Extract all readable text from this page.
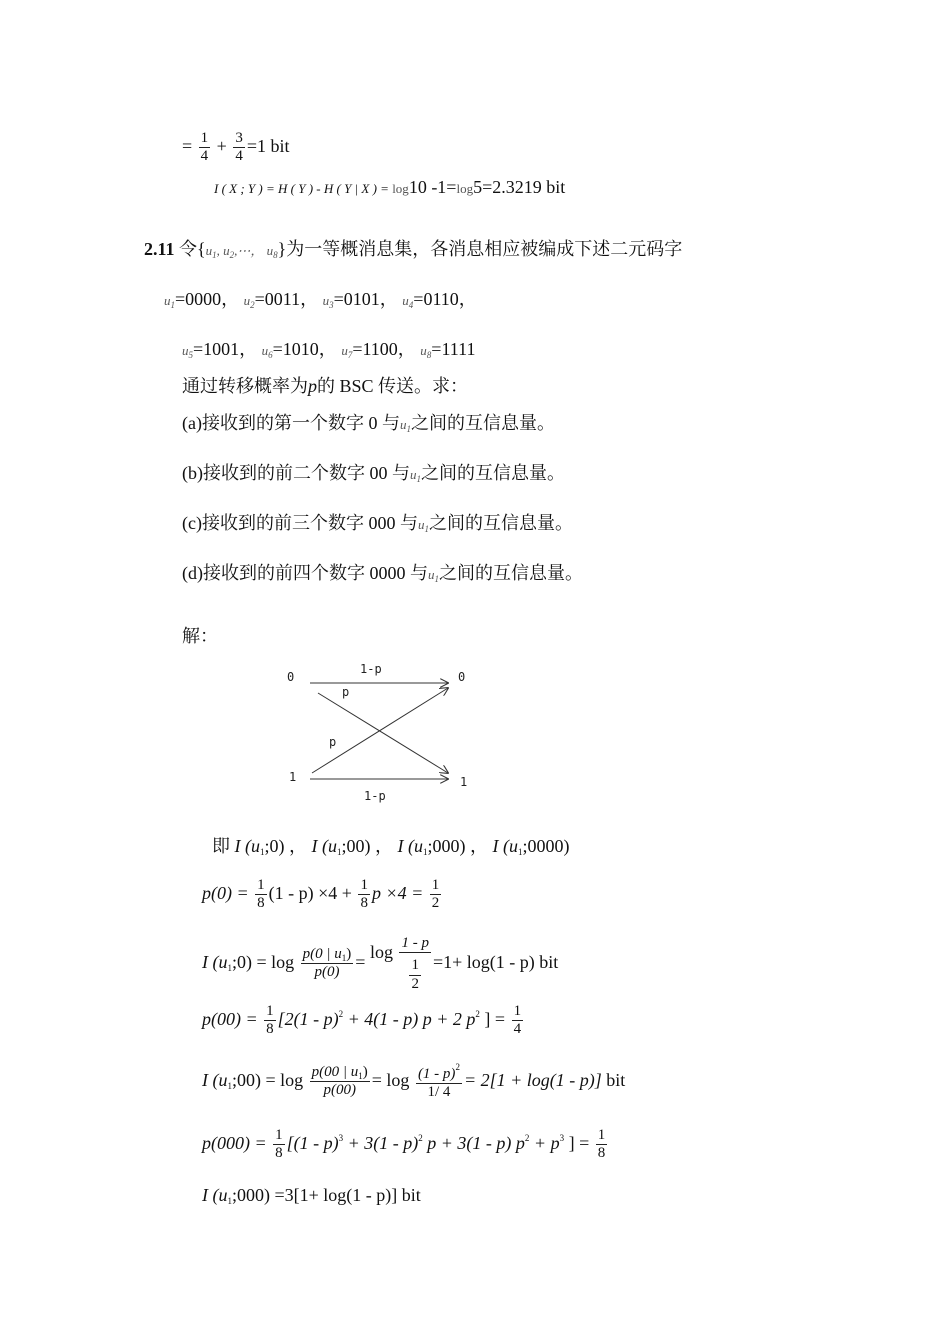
= $\frac{1}{4} + \frac{3}{4} =1$ bit
I ( X ; Y ) = H ( Y ) - H ( Y | X ) = log10 -1=log5=2.3219 bit
2.11 令{$u_1$, $u_2,\cdots$， $u_8$}为一等概消息集，各消息相应被编成下述二元码字
$u_1=0000$， $u_2=0011$， $u_3=0101$， $u_4=0110$，
$u_5=1001$， $u_6=1010$， $u_7=1100$， $u_8=1111$
通过转移概率为p的 BSC 传送。求：
(a)接收到的第一个数字 0 与$u_1$之间的互信息量。
(b)接收到的前二个数字 00 与$u_1$之间的互信息量。
(c)接收到的前三个数字 000 与$u_1$之间的互信息量。
(d)接收到的前四个数字 0000 与$u_1$之间的互信息量。
解：
0
1
0
1
1-p
1-p
p
p
即 I $(u_1;0)$ ， I $(u_1;00)$ ， I $(u_1;000)$ ， I $(u_1;0000)$
$p(0) = \frac{1}{8} (1 - p) \times 4 + \frac{1}{8}$ $p \times 4 = \frac{1}{2}$
I $(u_1;0) = \log \frac{p(0 | u_1)}{p(0)} = \log \frac{1 - p}{\frac{1}{2}} =1+ \log(1 - p)$ bit
$p(00) = \frac{1}{8} [2(1 - p)^2 + 4(1 - p) p + 2$ $p^2$ ] = $\frac{1}{4}$
I $(u_1;00) = \log \frac{p(00 | u_1)}{p(00)} = \log \frac{(1 - p)^2}{1/ 4} = 2[1 + \log(1 - p)]$ bit
$p(000) = \frac{1}{8} [(1 - p)^3 + 3(1 - p)^2$ p + 3(1 - p) $p^2 + p^3$ ] = $\frac{1}{8}$
I $(u_1;000) =3[1+ \log(1 - p)]$ bit
